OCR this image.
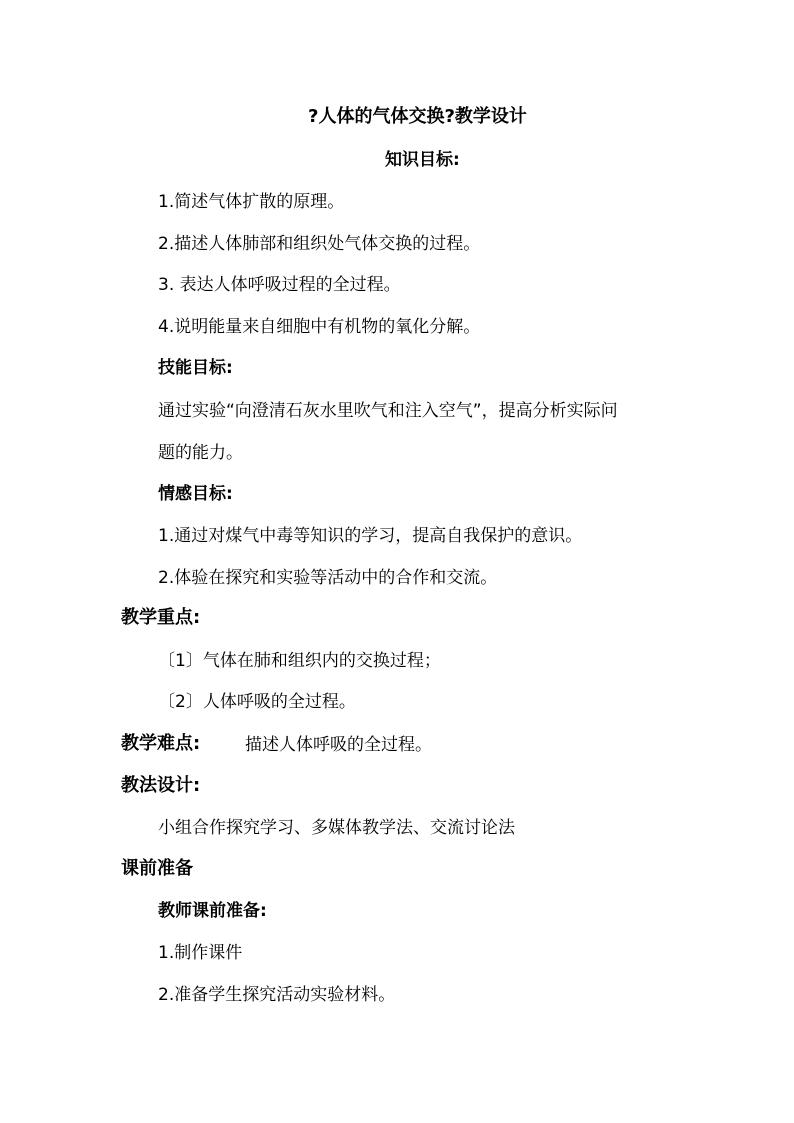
?人体的气体交换?教学设计

知识目标:

1.简述气体扩散的原理。

2.描述人体肺部和组织处气体交换的过程。

3. 表达人体呼吸过程的全过程。

4.说明能量来自细胞中有机物的氧化分解。

技能目标:

通过实验“向澄清石灰水里吹气和注入空气”，提高分析实际问

题的能力。

情感目标:

1.通过对煤气中毒等知识的学习，提高自我保护的意识。

2.体验在探究和实验等活动中的合作和交流。

教学重点:

〔1〕气体在肺和组织内的交换过程；

〔2〕人体呼吸的全过程。

教学难点:	描述人体呼吸的全过程。

教法设计:

小组合作探究学习、多媒体教学法、交流讨论法

课前准备

教师课前准备:

1.制作课件

2.准备学生探究活动实验材料。
